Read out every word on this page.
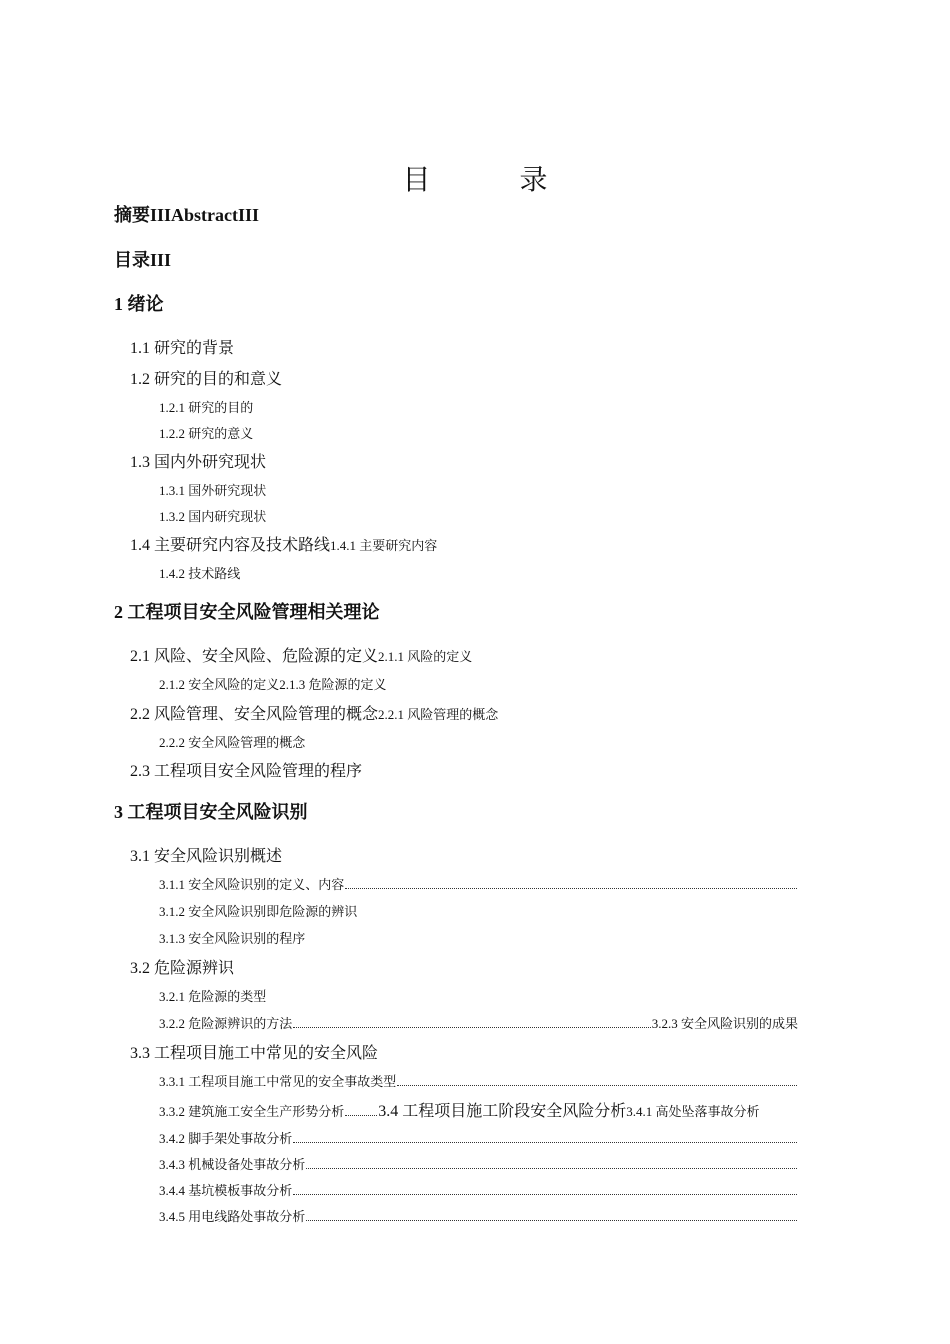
目 录
摘要IIIAbstractIII
目录III
1 绪论
1.1 研究的背景
1.2 研究的目的和意义
1.2.1 研究的目的
1.2.2 研究的意义
1.3 国内外研究现状
1.3.1 国外研究现状
1.3.2 国内研究现状
1.4 主要研究内容及技术路线 1.4.1 主要研究内容
1.4.2 技术路线
2 工程项目安全风险管理相关理论
2.1 风险、安全风险、危险源的定义 2.1.1 风险的定义
2.1.2 安全风险的定义 2.1.3 危险源的定义
2.2 风险管理、安全风险管理的概念 2.2.1 风险管理的概念
2.2.2 安全风险管理的概念
2.3 工程项目安全风险管理的程序
3 工程项目安全风险识别
3.1 安全风险识别概述
3.1.1 安全风险识别的定义、内容
3.1.2 安全风险识别即危险源的辨识
3.1.3 安全风险识别的程序
3.2 危险源辨识
3.2.1 危险源的类型
3.2.2 危险源辨识的方法	3.2.3 安全风险识别的成果
3.3 工程项目施工中常见的安全风险
3.3.1 工程项目施工中常见的安全事故类型
3.3.2 建筑施工安全生产形势分析 3.4 工程项目施工阶段安全风险分析 3.4.1 高处坠落事故分析
3.4.2 脚手架处事故分析
3.4.3 机械设备处事故分析
3.4.4 基坑模板事故分析
3.4.5 用电线路处事故分析
